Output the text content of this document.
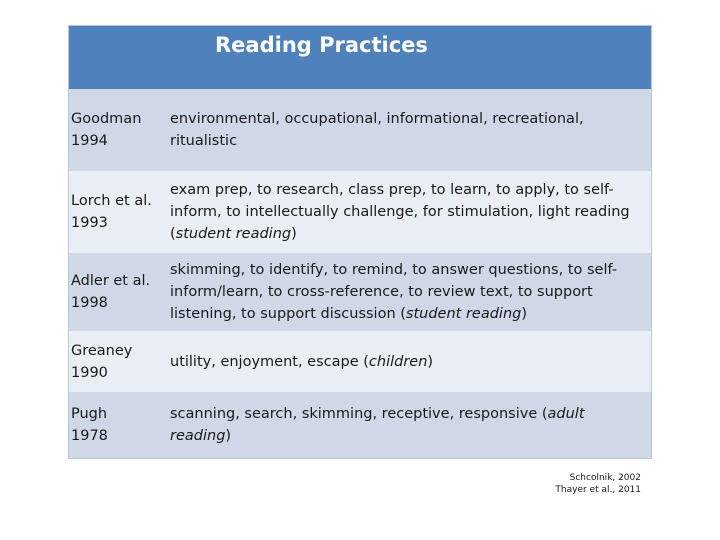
Reading Practices
Goodman
1994
environmental, occupational, informational, recreational,
ritualistic
Lorch et al.
1993
exam prep, to research, class prep, to learn, to apply, to self-
inform, to intellectually challenge, for stimulation, light reading
(student reading)
Adler et al.
1998
skimming, to identify, to remind, to answer questions, to self-
inform/learn, to cross-reference, to review text, to support
listening, to support discussion (student reading)
Greaney
1990
utility, enjoyment, escape (children)
Pugh
1978
scanning, search, skimming, receptive, responsive (adult reading)
Schcolnik, 2002
Thayer et al., 2011
